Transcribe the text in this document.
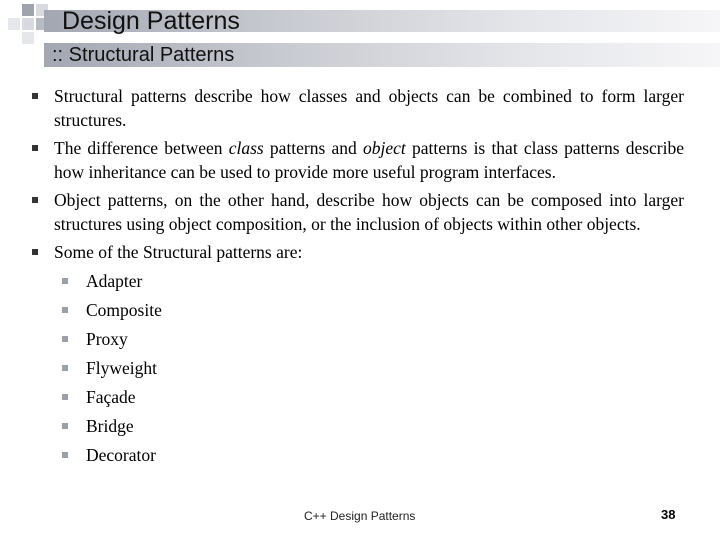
Design Patterns
:: Structural Patterns
Structural patterns describe how classes and objects can be combined to form larger structures.
The difference between class patterns and object patterns is that class patterns describe how inheritance can be used to provide more useful program interfaces.
Object patterns, on the other hand, describe how objects can be composed into larger structures using object composition, or the inclusion of objects within other objects.
Some of the Structural patterns are:
Adapter
Composite
Proxy
Flyweight
Façade
Bridge
Decorator
C++ Design Patterns	38
